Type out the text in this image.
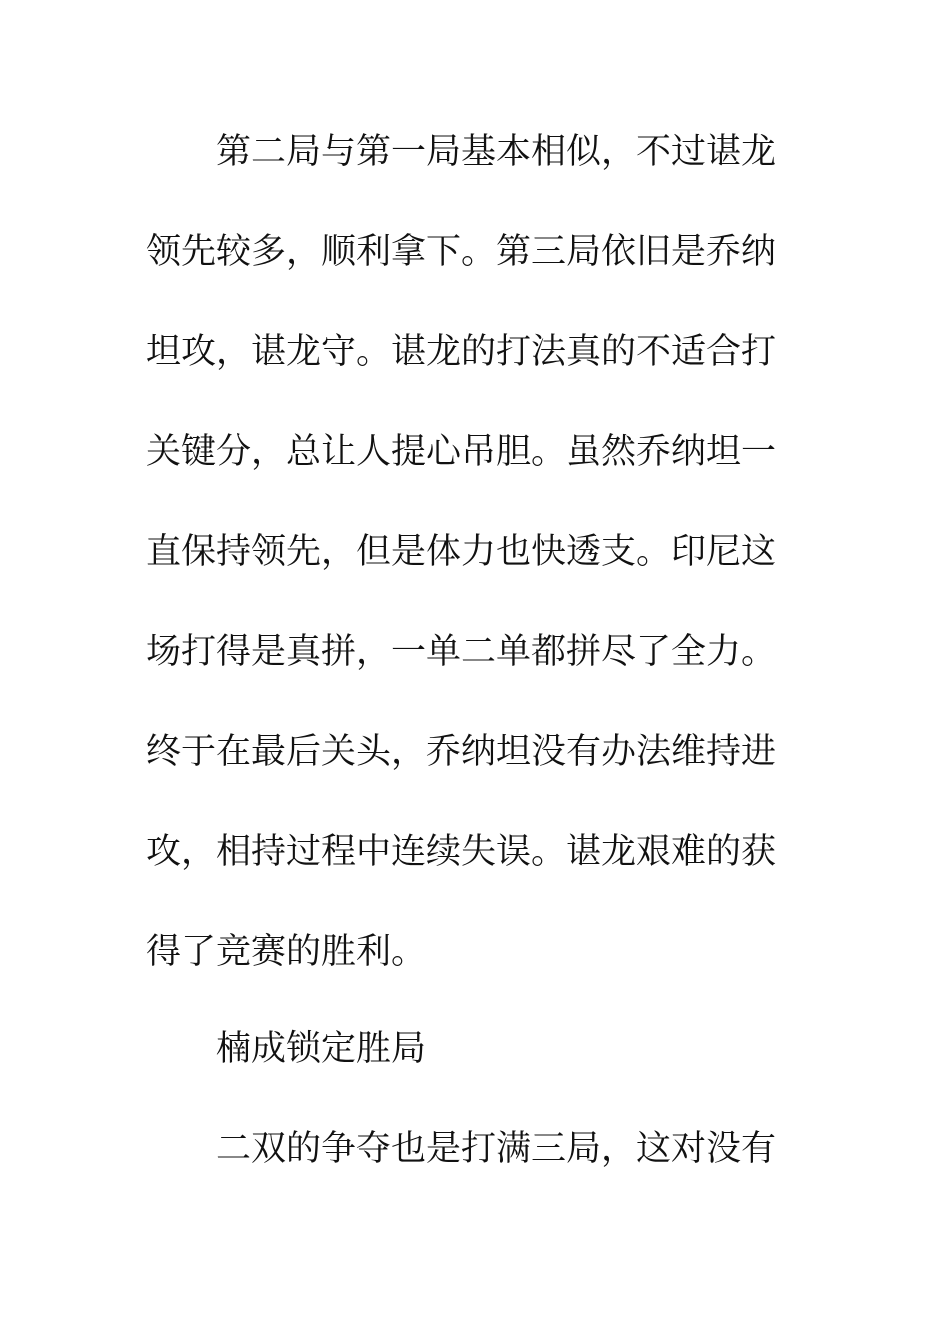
第二局与第一局基本相似，不过谌龙
领先较多，顺利拿下。第三局依旧是乔纳
坦攻，谌龙守。谌龙的打法真的不适合打
关键分，总让人提心吊胆。虽然乔纳坦一
直保持领先，但是体力也快透支。印尼这
场打得是真拼，一单二单都拼尽了全力。
终于在最后关头，乔纳坦没有办法维持进
攻，相持过程中连续失误。谌龙艰难的获
得了竞赛的胜利。
楠成锁定胜局
二双的争夺也是打满三局，这对没有
